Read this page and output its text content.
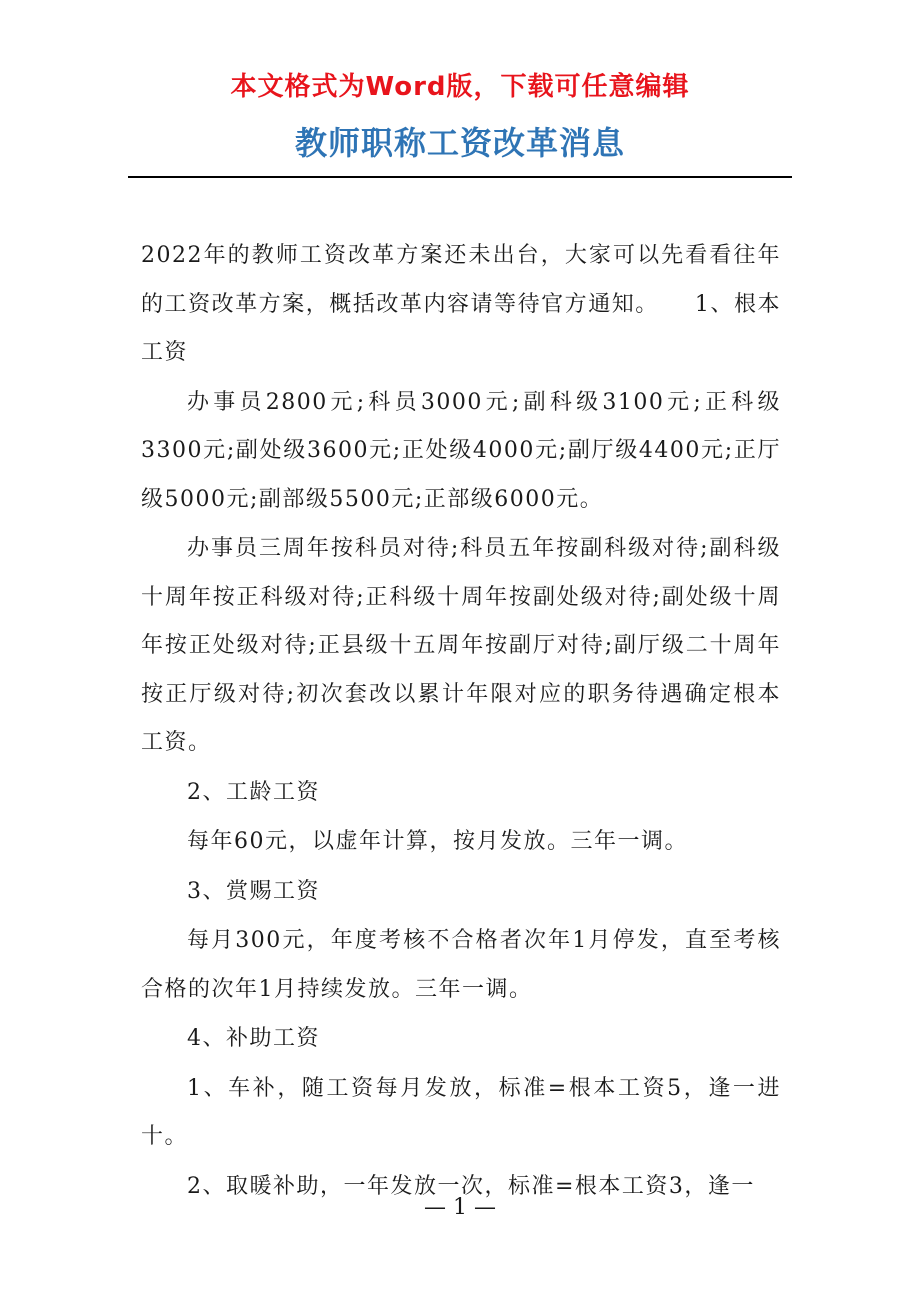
本文格式为Word版，下载可任意编辑
教师职称工资改革消息

2022年的教师工资改革方案还未出台，大家可以先看看往年的工资改革方案，概括改革内容请等待官方通知。　　1、根本工资

办事员2800元;科员3000元;副科级3100元;正科级3300元;副处级3600元;正处级4000元;副厅级4400元;正厅级5000元;副部级5500元;正部级6000元。

办事员三周年按科员对待;科员五年按副科级对待;副科级十周年按正科级对待;正科级十周年按副处级对待;副处级十周年按正处级对待;正县级十五周年按副厅对待;副厅级二十周年按正厅级对待;初次套改以累计年限对应的职务待遇确定根本工资。

2、工龄工资

每年60元，以虚年计算，按月发放。三年一调。

3、赏赐工资

每月300元，年度考核不合格者次年1月停发，直至考核合格的次年1月持续发放。三年一调。

4、补助工资

1、车补，随工资每月发放，标准=根本工资5，逢一进十。

2、取暖补助，一年发放一次，标准=根本工资3，逢一

— 1 —
